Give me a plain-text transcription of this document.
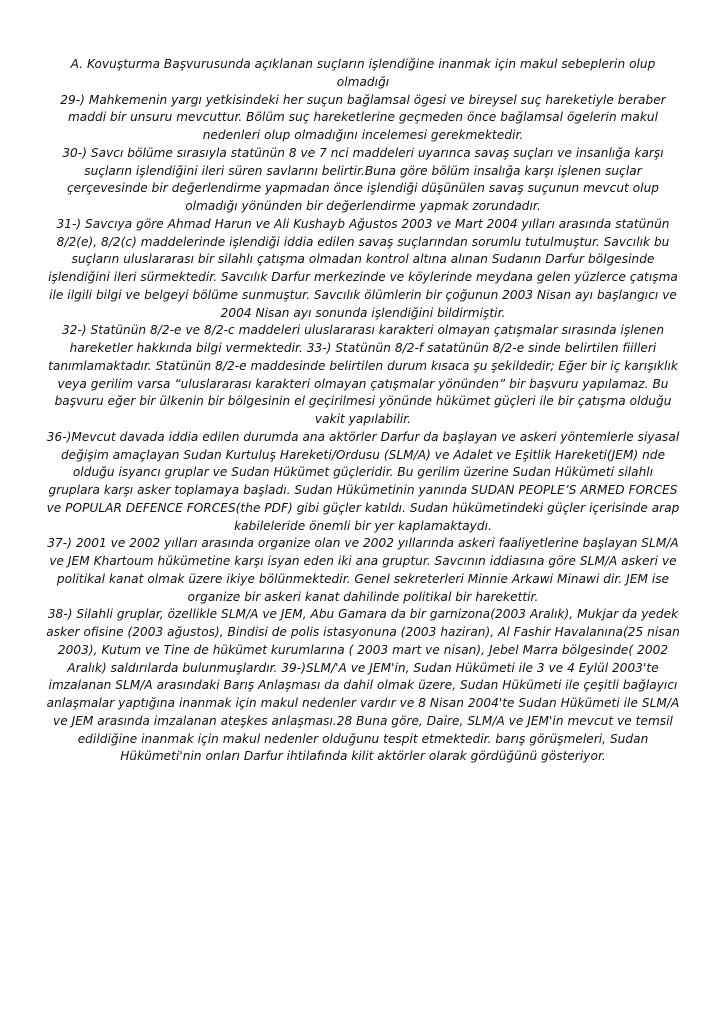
A. Kovuşturma Başvurusunda açıklanan suçların işlendiğine inanmak için makul sebeplerin olup olmadığı

29-) Mahkemenin yargı yetkisindeki her suçun bağlamsal ögesi ve bireysel suç hareketiyle beraber maddi bir unsuru mevcuttur. Bölüm suç hareketlerine geçmeden önce bağlamsal ögelerin makul nedenleri olup olmadığını incelemesi gerekmektedir.

30-) Savcı bölüme sırasıyla statünün 8 ve 7 nci maddeleri uyarınca savaş suçları ve insanlığa karşı suçların işlendiğini ileri süren savlarını belirtir.Buna göre bölüm insalığa karşı işlenen suçlar çerçevesinde bir değerlendirme yapmadan önce işlendiği düşünülen savaş suçunun mevcut olup olmadığı yönünden bir değerlendirme yapmak zorundadır.

31-) Savcıya göre Ahmad Harun ve Ali Kushayb Ağustos 2003 ve Mart 2004 yılları arasında statünün 8/2(e), 8/2(c) maddelerinde işlendiği iddia edilen savaş suçlarından sorumlu tutulmuştur. Savcılık bu suçların uluslararası bir silahlı çatışma olmadan kontrol altına alınan Sudanın Darfur bölgesinde işlendiğini ileri sürmektedir. Savcılık Darfur merkezinde ve köylerinde meydana gelen yüzlerce çatışma ile ilgili bilgi ve belgeyi bölüme sunmuştur. Savcılık ölümlerin bir çoğunun 2003 Nisan ayı başlangıcı ve 2004 Nisan ayı sonunda işlendiğini bildirmiştir.

32-) Statünün 8/2-e ve 8/2-c maddeleri uluslararası karakteri olmayan çatışmalar sırasında işlenen hareketler hakkında bilgi vermektedir. 33-) Statünün 8/2-f satatünün 8/2-e sinde belirtilen fiilleri tanımlamaktadır. Statünün 8/2-e maddesinde belirtilen durum kısaca şu şekildedir; Eğer bir iç karışıklık veya gerilim varsa “uluslararası karakteri olmayan çatışmalar yönünden” bir başvuru yapılamaz. Bu başvuru eğer bir ülkenin bir bölgesinin el geçirilmesi yönünde hükümet güçleri ile bir çatışma olduğu vakit yapılabilir.

36-)Mevcut davada iddia edilen durumda ana aktörler Darfur da başlayan ve askeri yöntemlerle siyasal değişim amaçlayan Sudan Kurtuluş Hareketi/Ordusu (SLM/A) ve Adalet ve Eşitlik Hareketi(JEM) nde olduğu isyancı gruplar ve Sudan Hükümet güçleridir. Bu gerilim üzerine Sudan Hükümeti silahlı gruplara karşı asker toplamaya başladı. Sudan Hükümetinin yanında SUDAN PEOPLE’S ARMED FORCES ve POPULAR DEFENCE FORCES(the PDF) gibi güçler katıldı. Sudan hükümetindeki güçler içerisinde arap kabileleride önemli bir yer kaplamaktaydı.

37-) 2001 ve 2002 yılları arasında organize olan ve 2002 yıllarında askeri faaliyetlerine başlayan SLM/A ve JEM Khartoum hükümetine karşı isyan eden iki ana gruptur. Savcının iddiasına göre SLM/A askeri ve politikal kanat olmak üzere ikiye bölünmektedir. Genel sekreterleri Minnie Arkawi Minawi dir. JEM ise organize bir askeri kanat dahilinde politikal bir harekettir.

38-) Silahli gruplar, özellikle SLM/A ve JEM, Abu Gamara da bir garnizona(2003 Aralık), Mukjar da yedek asker ofisine (2003 ağustos), Bindisi de polis istasyonuna (2003 haziran), Al Fashir Havalanına(25 nisan 2003), Kutum ve Tine de hükümet kurumlarına ( 2003 mart ve nisan), Jebel Marra bölgesinde( 2002 Aralık) saldırılarda bulunmuşlardır. 39-)SLM/'A ve JEM'in, Sudan Hükümeti ile 3 ve 4 Eylül 2003'te imzalanan SLM/A arasındaki Barış Anlaşması da dahil olmak üzere, Sudan Hükümeti ile çeşitli bağlayıcı anlaşmalar yaptığına inanmak için makul nedenler vardır ve 8 Nisan 2004'te Sudan Hükümeti ile SLM/A ve JEM arasında imzalanan ateşkes anlaşması.28 Buna göre, Daire, SLM/A ve JEM'in mevcut ve temsil edildiğine inanmak için makul nedenler olduğunu tespit etmektedir. barış görüşmeleri, Sudan Hükümeti'nin onları Darfur ihtilafında kilit aktörler olarak gördüğünü gösteriyor.
